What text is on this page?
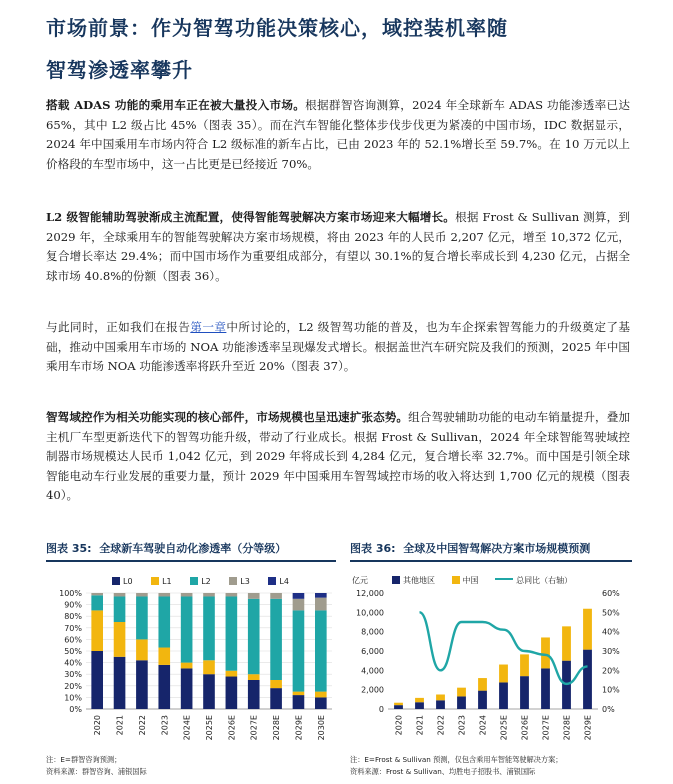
市场前景：作为智驾功能决策核心，域控装机率随
智驾渗透率攀升

搭载 ADAS 功能的乘用车正在被大量投入市场。根据群智咨询测算，2024 年全球新车 ADAS 功能渗透率已达 65%，其中 L2 级占比 45%（图表 35）。而在汽车智能化整体步伐步伐更为紧凑的中国市场，IDC 数据显示，2024 年中国乘用车市场内符合 L2 级标准的新车占比，已由 2023 年的 52.1%增长至 59.7%。在 10 万元以上价格段的车型市场中，这一占比更是已经接近 70%。

L2 级智能辅助驾驶渐成主流配置，使得智能驾驶解决方案市场迎来大幅增长。根据 Frost & Sullivan 测算，到 2029 年，全球乘用车的智能驾驶解决方案市场规模，将由 2023 年的人民币 2,207 亿元，增至 10,372 亿元，复合增长率达 29.4%；而中国市场作为重要组成部分，有望以 30.1%的复合增长率成长到 4,230 亿元，占据全球市场 40.8%的份额（图表 36）。

与此同时，正如我们在报告第一章中所讨论的，L2 级智驾功能的普及，也为车企探索智驾能力的升级奠定了基础，推动中国乘用车市场的 NOA 功能渗透率呈现爆发式增长。根据盖世汽车研究院及我们的预测，2025 年中国乘用车市场 NOA 功能渗透率将跃升至近 20%（图表 37）。

智驾域控作为相关功能实现的核心部件，市场规模也呈迅速扩张态势。组合驾驶辅助功能的电动车销量提升，叠加主机厂车型更新迭代下的智驾功能升级，带动了行业成长。根据 Frost & Sullivan，2024 年全球智能驾驶域控制器市场规模达人民币 1,042 亿元，到 2029 年将成长到 4,284 亿元，复合增长率 32.7%。而中国是引领全球智能电动车行业发展的重要力量，预计 2029 年中国乘用车智驾域控市场的收入将达到 1,700 亿元的规模（图表 40）。

图表 35: 全球新车驾驶自动化渗透率（分等级）
L0	L1	L2	L3	L4
0%
10%
20%
30%
40%
50%
60%
70%
80%
90%
100%
2020 2021 2022 2023 2024E 2025E 2026E 2027E 2028E 2029E 2030E
注：E=群智咨询预测；
资料来源：群智咨询、浦银国际
图表 36: 全球及中国智驾解决方案市场规模预测
亿元	其他地区	中国	总同比（右轴）
0
2,000
4,000
6,000
8,000
10,000
12,000
0%
10%
20%
30%
40%
50%
60%
2020 2021 2022 2023 2024 2025E 2026E 2027E 2028E 2029E
注：E=Frost & Sullivan 预测，仅包含乘用车智能驾驶解决方案；
资料来源：Frost & Sullivan、均胜电子招股书、浦银国际
